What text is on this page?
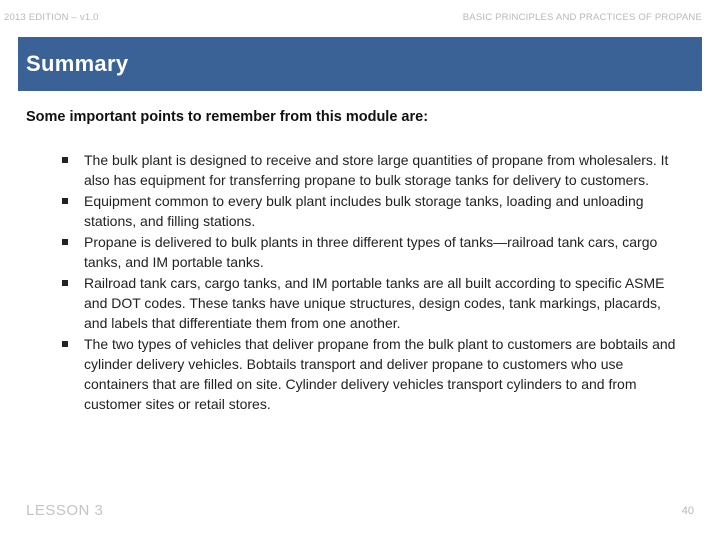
2013 EDITION – v1.0	BASIC PRINCIPLES AND PRACTICES OF PROPANE
Summary
Some important points to remember from this module are:
The bulk plant is designed to receive and store large quantities of propane from wholesalers. It also has equipment for transferring propane to bulk storage tanks for delivery to customers.
Equipment common to every bulk plant includes bulk storage tanks, loading and unloading stations, and filling stations.
Propane is delivered to bulk plants in three different types of tanks—railroad tank cars, cargo tanks, and IM portable tanks.
Railroad tank cars, cargo tanks, and IM portable tanks are all built according to specific ASME and DOT codes. These tanks have unique structures, design codes, tank markings, placards, and labels that differentiate them from one another.
The two types of vehicles that deliver propane from the bulk plant to customers are bobtails and cylinder delivery vehicles. Bobtails transport and deliver propane to customers who use containers that are filled on site. Cylinder delivery vehicles transport cylinders to and from customer sites or retail stores.
LESSON 3	40
